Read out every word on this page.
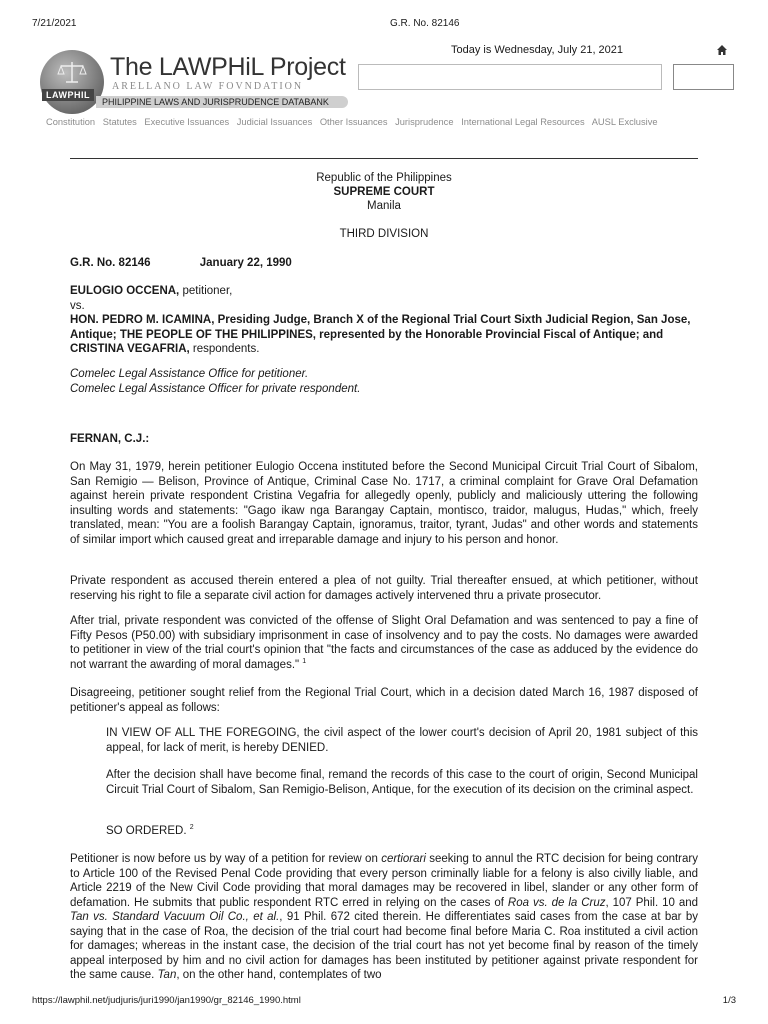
7/21/2021	G.R. No. 82146
LAWPHIL
The LAWPHiL Project
ARELLANO LAW FOVNDATION
PHILIPPINE LAWS AND JURISPRUDENCE DATABANK
Today is Wednesday, July 21, 2021
Constitution Statutes Executive Issuances Judicial Issuances Other Issuances Jurisprudence International Legal Resources AUSL Exclusive
Republic of the Philippines
SUPREME COURT
Manila
THIRD DIVISION
G.R. No. 82146	January 22, 1990
EULOGIO OCCENA, petitioner,
vs.
HON. PEDRO M. ICAMINA, Presiding Judge, Branch X of the Regional Trial Court Sixth Judicial Region, San Jose, Antique; THE PEOPLE OF THE PHILIPPINES, represented by the Honorable Provincial Fiscal of Antique; and CRISTINA VEGAFRIA, respondents.
Comelec Legal Assistance Office for petitioner.
Comelec Legal Assistance Officer for private respondent.
FERNAN, C.J.:
On May 31, 1979, herein petitioner Eulogio Occena instituted before the Second Municipal Circuit Trial Court of Sibalom, San Remigio — Belison, Province of Antique, Criminal Case No. 1717, a criminal complaint for Grave Oral Defamation against herein private respondent Cristina Vegafria for allegedly openly, publicly and maliciously uttering the following insulting words and statements: "Gago ikaw nga Barangay Captain, montisco, traidor, malugus, Hudas," which, freely translated, mean: "You are a foolish Barangay Captain, ignoramus, traitor, tyrant, Judas" and other words and statements of similar import which caused great and irreparable damage and injury to his person and honor.
Private respondent as accused therein entered a plea of not guilty. Trial thereafter ensued, at which petitioner, without reserving his right to file a separate civil action for damages actively intervened thru a private prosecutor.
After trial, private respondent was convicted of the offense of Slight Oral Defamation and was sentenced to pay a fine of Fifty Pesos (P50.00) with subsidiary imprisonment in case of insolvency and to pay the costs. No damages were awarded to petitioner in view of the trial court's opinion that "the facts and circumstances of the case as adduced by the evidence do not warrant the awarding of moral damages." $^1$
Disagreeing, petitioner sought relief from the Regional Trial Court, which in a decision dated March 16, 1987 disposed of petitioner's appeal as follows:
IN VIEW OF ALL THE FOREGOING, the civil aspect of the lower court's decision of April 20, 1981 subject of this appeal, for lack of merit, is hereby DENIED.
After the decision shall have become final, remand the records of this case to the court of origin, Second Municipal Circuit Trial Court of Sibalom, San Remigio-Belison, Antique, for the execution of its decision on the criminal aspect.
SO ORDERED. $^2$
Petitioner is now before us by way of a petition for review on certiorari seeking to annul the RTC decision for being contrary to Article 100 of the Revised Penal Code providing that every person criminally liable for a felony is also civilly liable, and Article 2219 of the New Civil Code providing that moral damages may be recovered in libel, slander or any other form of defamation. He submits that public respondent RTC erred in relying on the cases of Roa vs. de la Cruz, 107 Phil. 10 and Tan vs. Standard Vacuum Oil Co., et al., 91 Phil. 672 cited therein. He differentiates said cases from the case at bar by saying that in the case of Roa, the decision of the trial court had become final before Maria C. Roa instituted a civil action for damages; whereas in the instant case, the decision of the trial court has not yet become final by reason of the timely appeal interposed by him and no civil action for damages has been instituted by petitioner against private respondent for the same cause. Tan, on the other hand, contemplates of two
https://lawphil.net/judjuris/juri1990/jan1990/gr_82146_1990.html	1/3
